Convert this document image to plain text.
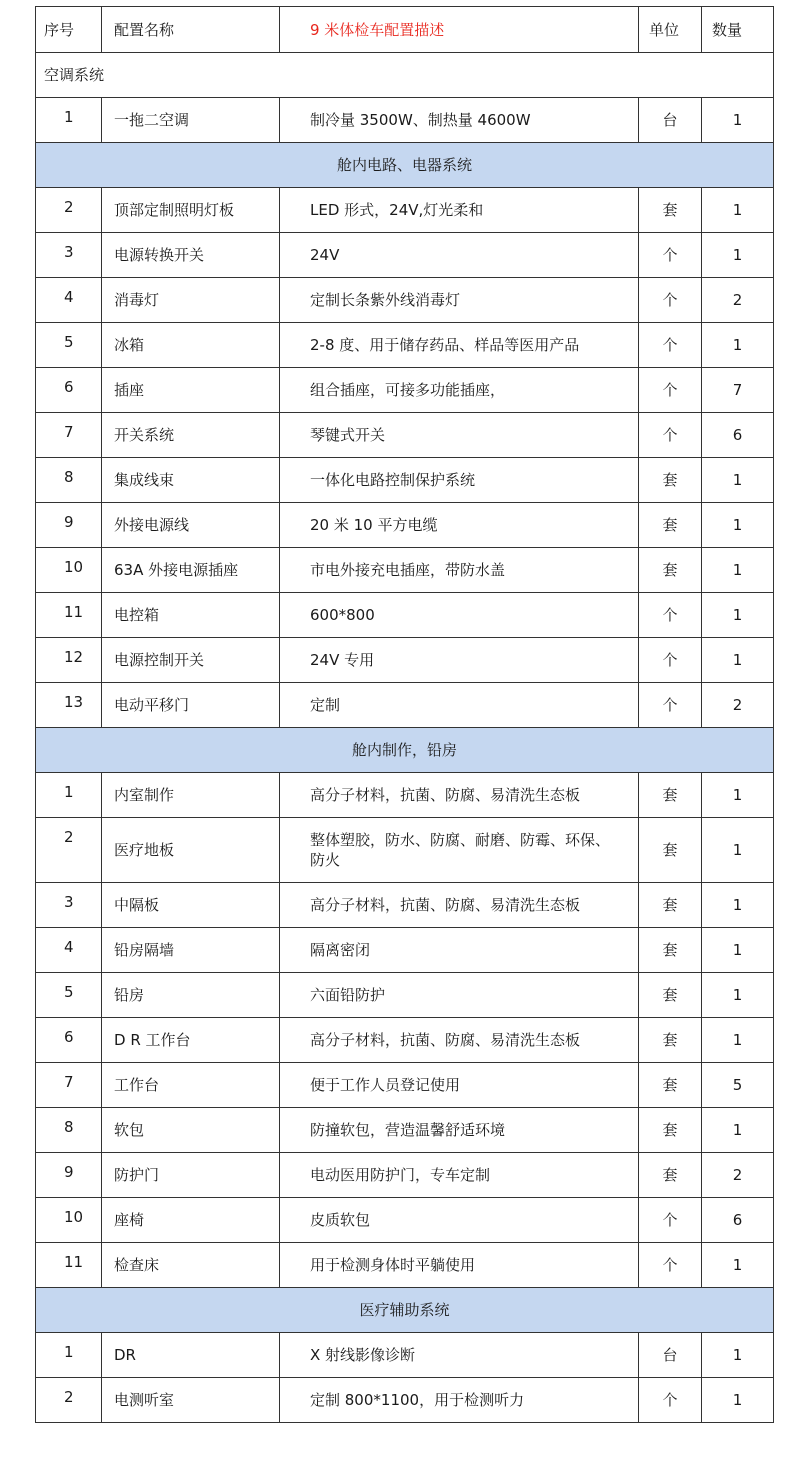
序号	配置名称	9 米体检车配置描述	单位	数量
空调系统				
1	一拖二空调	制冷量 3500W、制热量 4600W	台	1
舱内电路、电器系统				
2	顶部定制照明灯板	LED 形式，24V,灯光柔和	套	1
3	电源转换开关	24V	个	1
4	消毒灯	定制长条紫外线消毒灯	个	2
5	冰箱	2-8 度、用于储存药品、样品等医用产品	个	1
6	插座	组合插座，可接多功能插座，	个	7
7	开关系统	琴键式开关	个	6
8	集成线束	一体化电路控制保护系统	套	1
9	外接电源线	20 米 10 平方电缆	套	1
10	63A 外接电源插座	市电外接充电插座，带防水盖	套	1
11	电控箱	600*800	个	1
12	电源控制开关	24V 专用	个	1
13	电动平移门	定制	个	2
舱内制作，铅房				
1	内室制作	高分子材料，抗菌、防腐、易清洗生态板	套	1
2	医疗地板	整体塑胶，防水、防腐、耐磨、防霉、环保、防火	套	1
3	中隔板	高分子材料，抗菌、防腐、易清洗生态板	套	1
4	铅房隔墙	隔离密闭	套	1
5	铅房	六面铅防护	套	1
6	D R 工作台	高分子材料，抗菌、防腐、易清洗生态板	套	1
7	工作台	便于工作人员登记使用	套	5
8	软包	防撞软包，营造温馨舒适环境	套	1
9	防护门	电动医用防护门，专车定制	套	2
10	座椅	皮质软包	个	6
11	检查床	用于检测身体时平躺使用	个	1
医疗辅助系统				
1	DR	X 射线影像诊断	台	1
2	电测听室	定制 800*1100，用于检测听力	个	1
